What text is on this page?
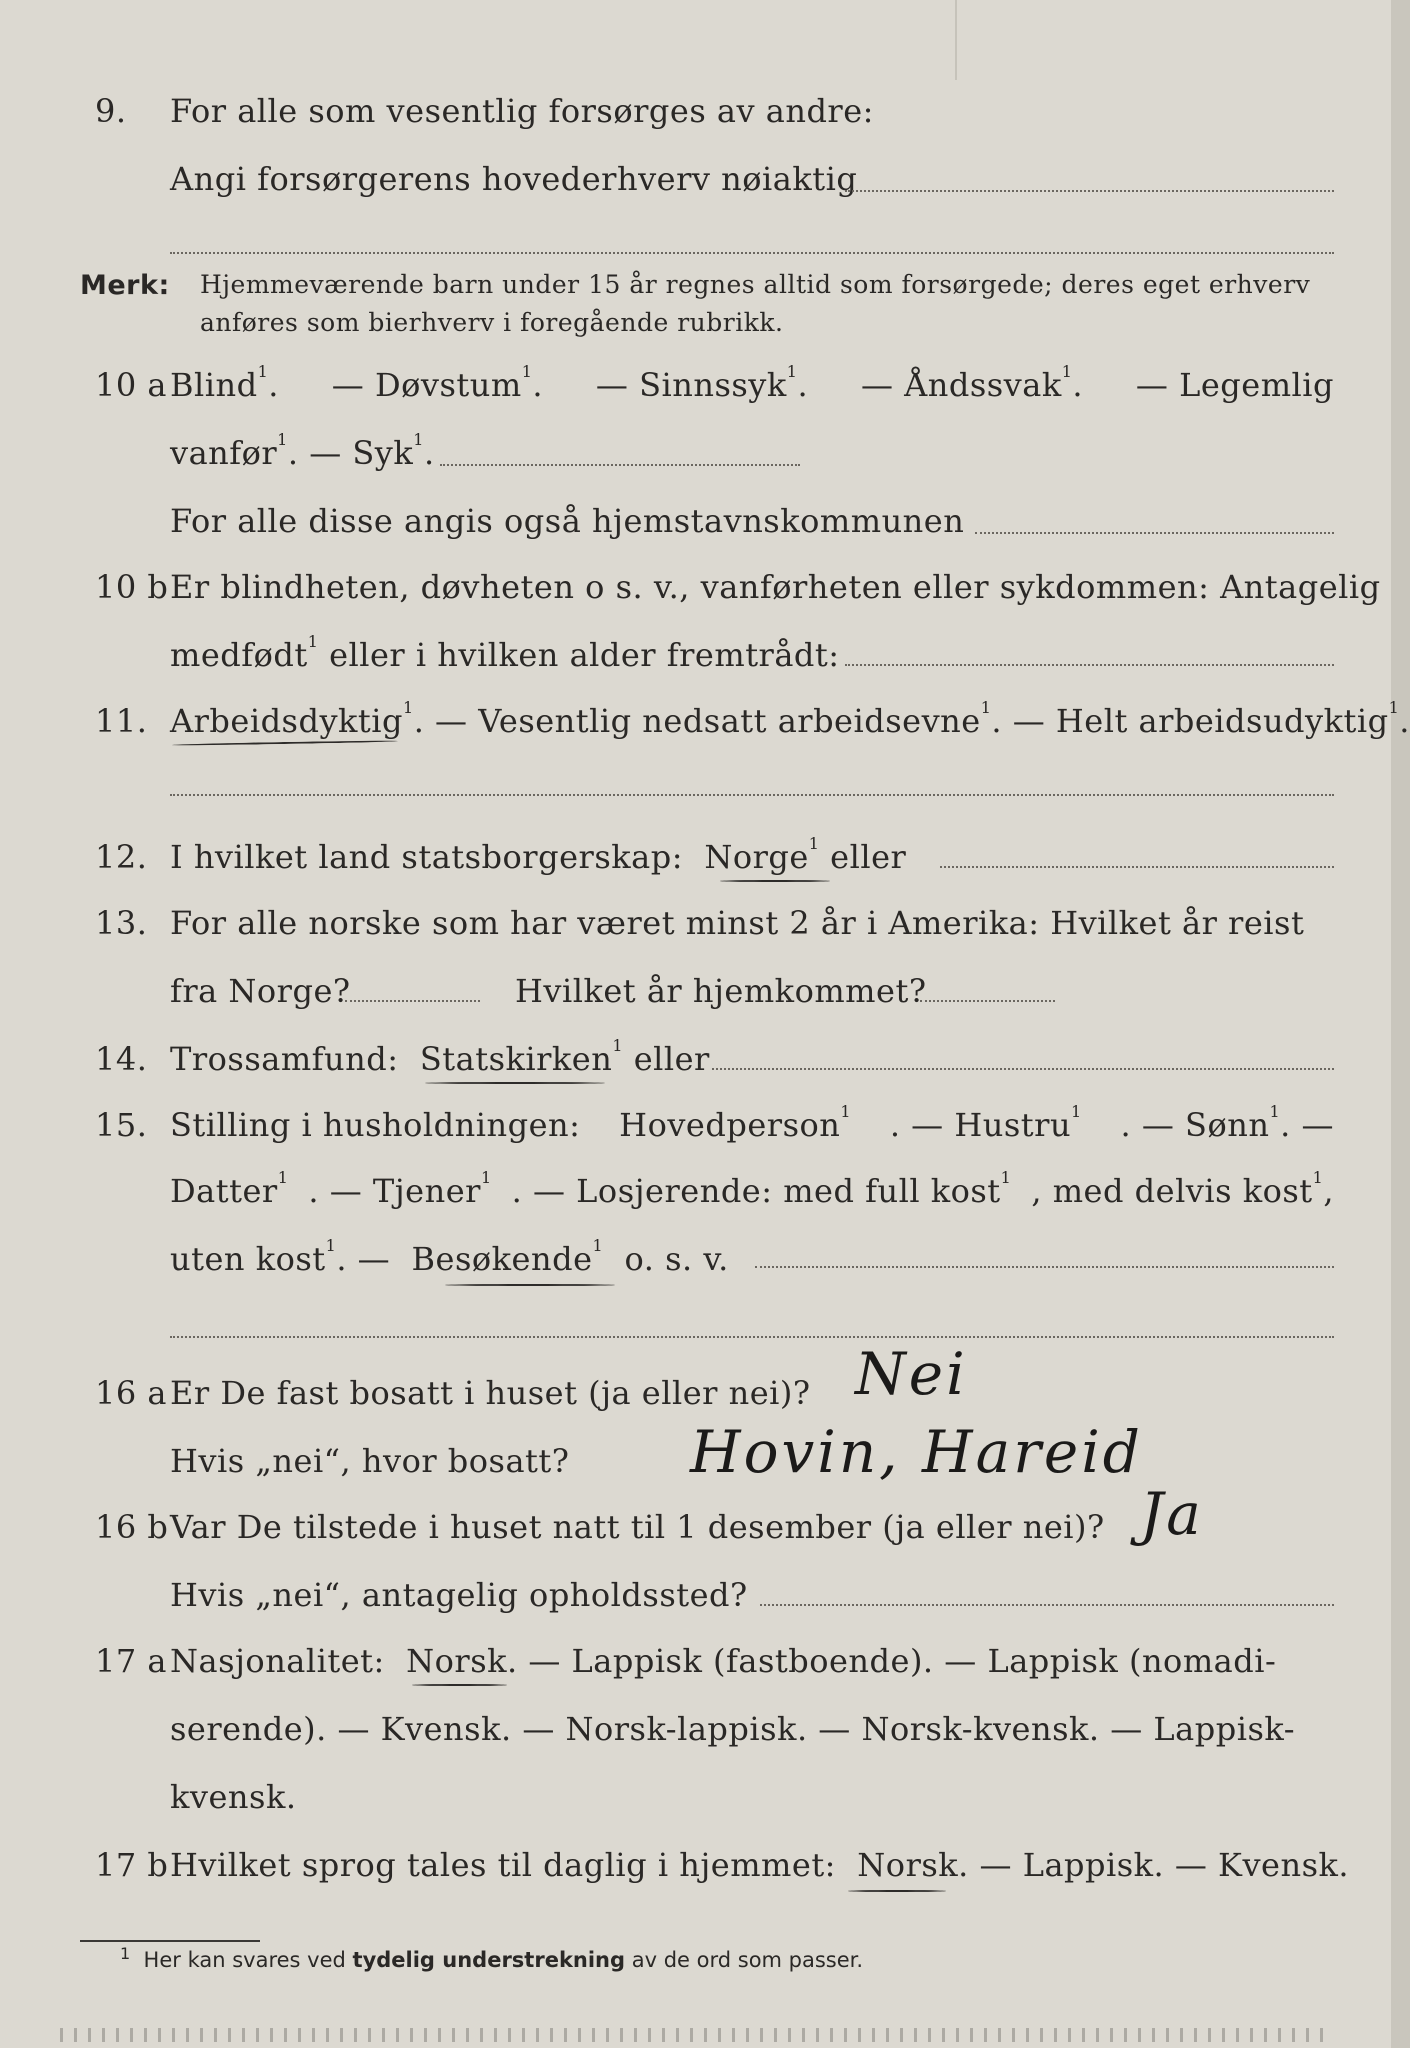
9. For alle som vesentlig forsørges av andre:
Angi forsørgerens hovederhverv nøiaktig
Merk: Hjemmeværende barn under 15 år regnes alltid som forsørgede; deres eget erhverv
anføres som bierhverv i foregående rubrikk.
10 a Blind$^1$. — Døvstum$^1$. — Sinnssyk$^1$. — Åndssvak$^1$. — Legemlig
vanfør$^1$. — Syk$^1$.
For alle disse angis også hjemstavnskommunen
10 b Er blindheten, døvheten o s. v., vanførheten eller sykdommen: Antagelig
medfødt$^1$ eller i hvilken alder fremtrådt:
11. Arbeidsdyktig$^1$. — Vesentlig nedsatt arbeidsevne$^1$. — Helt arbeidsudyktig$^1$.
12. I hvilket land statsborgerskap: Norge$^1$ eller
13. For alle norske som har været minst 2 år i Amerika: Hvilket år reist
fra Norge?	Hvilket år hjemkommet?
14. Trossamfund: Statskirken$^1$ eller
Stilling i husholdningen: Hovedperson$^1$ . — Hustru$^1$ . — Sønn$^1$. —
15.
Datter$^1$ . — Tjener$^1$ . — Losjerende: med full kost$^1$ , med delvis kost$^1$,
uten kost$^1$. — Besøkende$^1$ o. s. v.
16 a Er De fast bosatt i huset (ja eller nei)? Nei
Hvis „nei“, hvor bosatt? Hovin, Hareid
16 b Var De tilstede i huset natt til 1 desember (ja eller nei)? Ja
Hvis „nei“, antagelig opholdssted?
17 a Nasjonalitet: Norsk. — Lappisk (fastboende). — Lappisk (nomadi-
serende). — Kvensk. — Norsk-lappisk. — Norsk-kvensk. — Lappisk-
kvensk.
17 b Hvilket sprog tales til daglig i hjemmet: Norsk. — Lappisk. — Kvensk.
$^1$ Her kan svares ved tydelig understrekning av de ord som passer.
